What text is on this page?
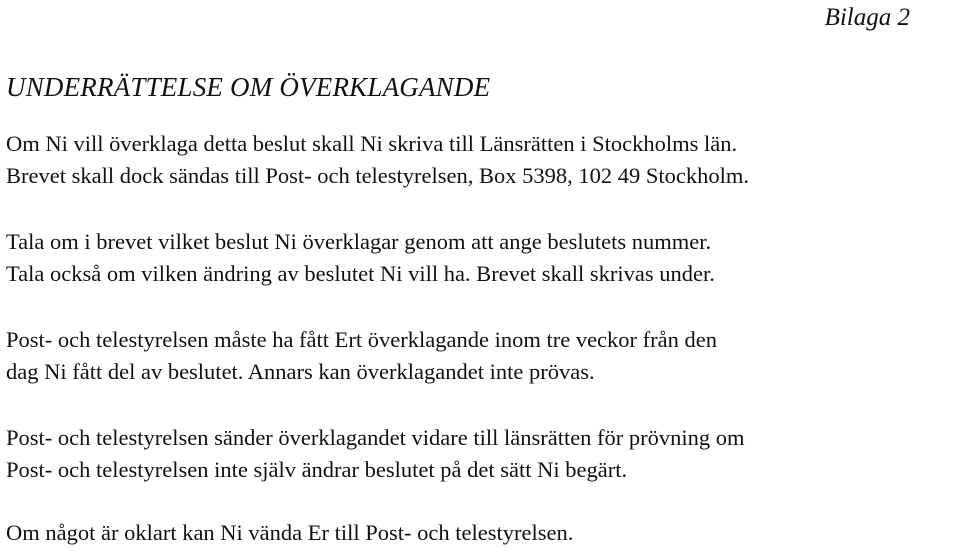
Bilaga 2
UNDERRÄTTELSE OM ÖVERKLAGANDE

Om Ni vill överklaga detta beslut skall Ni skriva till Länsrätten i Stockholms län.
Brevet skall dock sändas till Post- och telestyrelsen, Box 5398, 102 49 Stockholm.

Tala om i brevet vilket beslut Ni överklagar genom att ange beslutets nummer.
Tala också om vilken ändring av beslutet Ni vill ha. Brevet skall skrivas under.

Post- och telestyrelsen måste ha fått Ert överklagande inom tre veckor från den
dag Ni fått del av beslutet. Annars kan överklagandet inte prövas.

Post- och telestyrelsen sänder överklagandet vidare till länsrätten för prövning om
Post- och telestyrelsen inte själv ändrar beslutet på det sätt Ni begärt.

Om något är oklart kan Ni vända Er till Post- och telestyrelsen.
